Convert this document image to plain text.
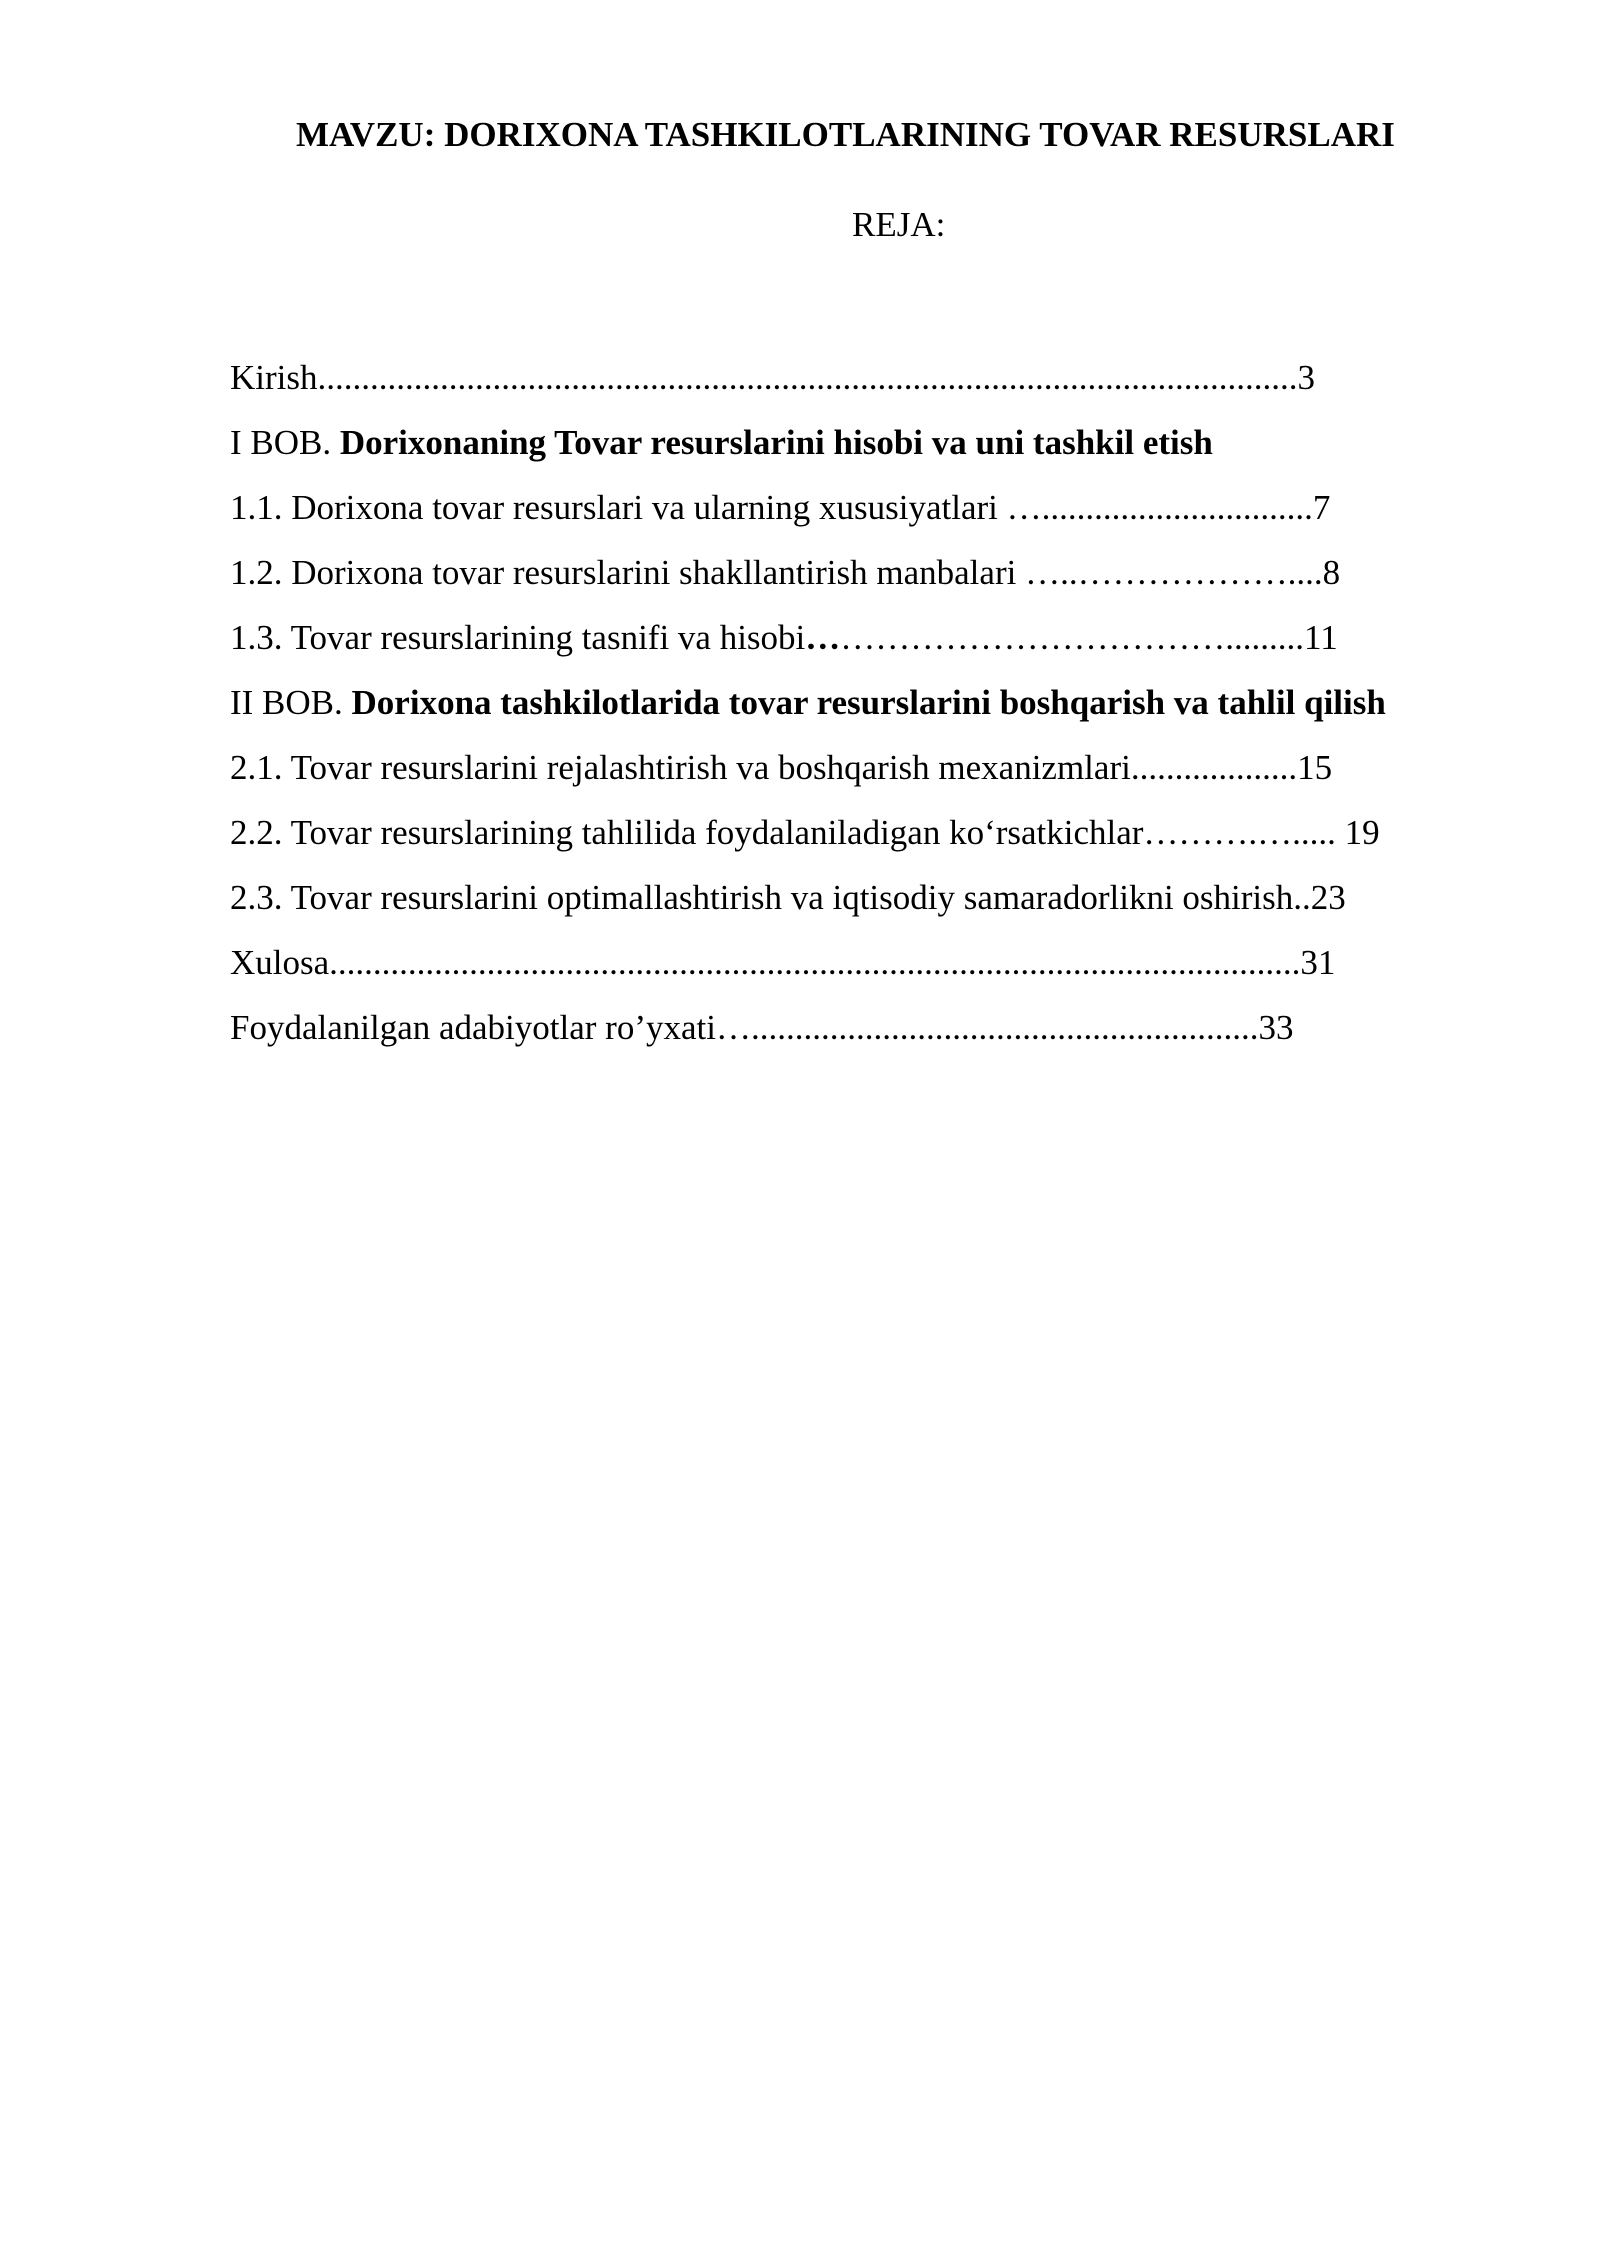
MAVZU: DORIXONA TASHKILOTLARINING TOVAR RESURSLARI
REJA:
Kirish................................................................................................................3
I BOB. Dorixonaning Tovar resurslarini hisobi va uni tashkil etish
1.1. Dorixona tovar resurslari va ularning xususiyatlari …...............................7
1.2. Dorixona tovar resurslarini shakllantirish manbalari …..………………....8
1.3. Tovar resurslarining tasnifi va hisobi……………………………….........11
II BOB. Dorixona tashkilotlarida tovar resurslarini boshqarish va tahlil qilish
2.1. Tovar resurslarini rejalashtirish va boshqarish mexanizmlari...................15
2.2. Tovar resurslarining tahlilida foydalaniladigan ko‘rsatkichlar……….…..... 19
2.3. Tovar resurslarini optimallashtirish va iqtisodiy samaradorlikni oshirish..23
Xulosa...............................................................................................................31
Foydalanilgan adabiyotlar ro’yxati…..........................................................33
